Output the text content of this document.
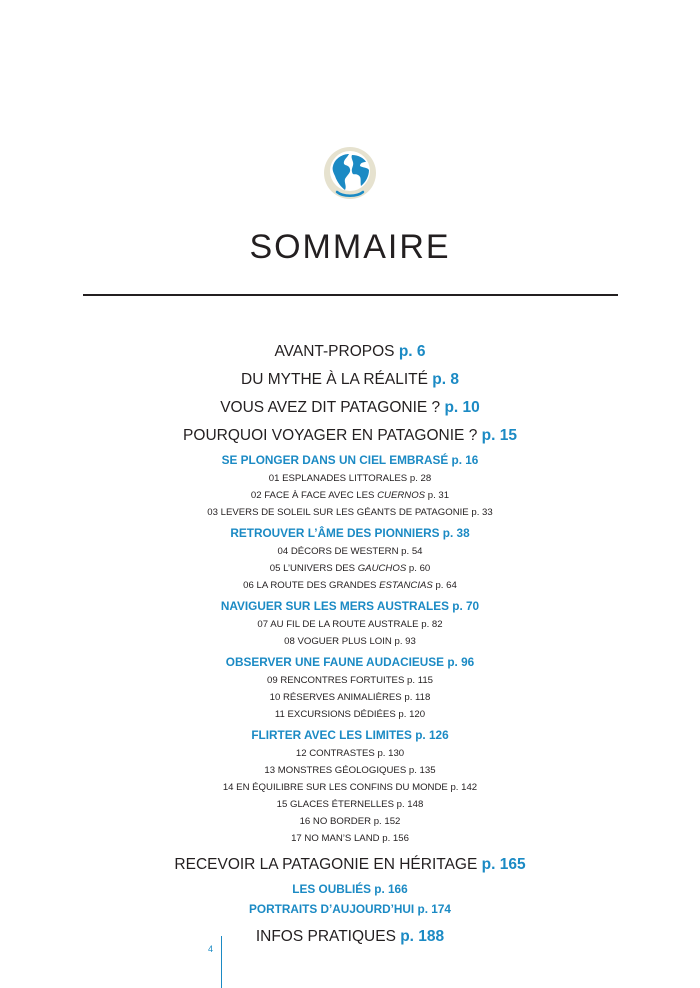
SOMMAIRE
AVANT-PROPOS p. 6
DU MYTHE À LA RÉALITÉ p. 8
VOUS AVEZ DIT PATAGONIE ? p. 10
POURQUOI VOYAGER EN PATAGONIE ? p. 15
SE PLONGER DANS UN CIEL EMBRASÉ p. 16
01 ESPLANADES LITTORALES p. 28
02 FACE À FACE AVEC LES CUERNOS p. 31
03 LEVERS DE SOLEIL SUR LES GÉANTS DE PATAGONIE p. 33
RETROUVER L’ÂME DES PIONNIERS p. 38
04 DÉCORS DE WESTERN p. 54
05 L’UNIVERS DES GAUCHOS p. 60
06 LA ROUTE DES GRANDES ESTANCIAS p. 64
NAVIGUER SUR LES MERS AUSTRALES p. 70
07 AU FIL DE LA ROUTE AUSTRALE p. 82
08 VOGUER PLUS LOIN p. 93
OBSERVER UNE FAUNE AUDACIEUSE p. 96
09 RENCONTRES FORTUITES p. 115
10 RÉSERVES ANIMALIÈRES p. 118
11 EXCURSIONS DÉDIÉES p. 120
FLIRTER AVEC LES LIMITES p. 126
12 CONTRASTES p. 130
13 MONSTRES GÉOLOGIQUES p. 135
14 EN ÉQUILIBRE SUR LES CONFINS DU MONDE p. 142
15 GLACES ÉTERNELLES p. 148
16 NO BORDER p. 152
17 NO MAN’S LAND p. 156
RECEVOIR LA PATAGONIE EN HÉRITAGE p. 165
LES OUBLIÉS p. 166
PORTRAITS D’AUJOURD’HUI p. 174
INFOS PRATIQUES p. 188
4
